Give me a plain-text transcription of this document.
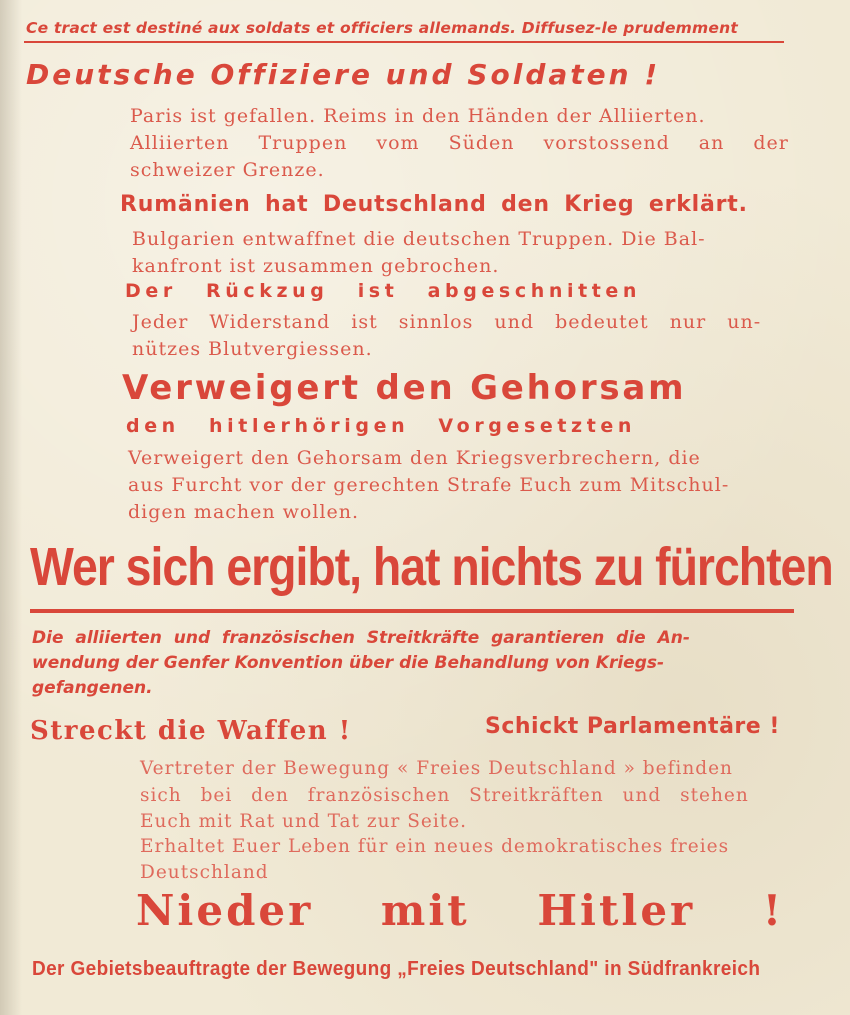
Ce tract est destiné aux soldats et officiers allemands. Diffusez-le prudemment
Deutsche Offiziere und Soldaten !
Paris ist gefallen. Reims in den Händen der Alliierten.
Alliierten Truppen vom Süden vorstossend an der
schweizer Grenze.
Rumänien hat Deutschland den Krieg erklärt.
Bulgarien entwaffnet die deutschen Truppen. Die Bal-
kanfront ist zusammen gebrochen.
Der Rückzug ist abgeschnitten
Jeder Widerstand ist sinnlos und bedeutet nur un-
nützes Blutvergiessen.
Verweigert den Gehorsam
den hitlerhörigen Vorgesetzten
Verweigert den Gehorsam den Kriegsverbrechern, die
aus Furcht vor der gerechten Strafe Euch zum Mitschul-
digen machen wollen.
Wer sich ergibt, hat nichts zu fürchten
Die alliierten und französischen Streitkräfte garantieren die An-
wendung der Genfer Konvention über die Behandlung von Kriegs-
gefangenen.
Streckt die Waffen !	Schickt Parlamentäre !
Vertreter der Bewegung « Freies Deutschland » befinden
sich bei den französischen Streitkräften und stehen
Euch mit Rat und Tat zur Seite.
Erhaltet Euer Leben für ein neues demokratisches freies
Deutschland
Nieder mit Hitler !
Der Gebietsbeauftragte der Bewegung „Freies Deutschland" in Südfrankreich
